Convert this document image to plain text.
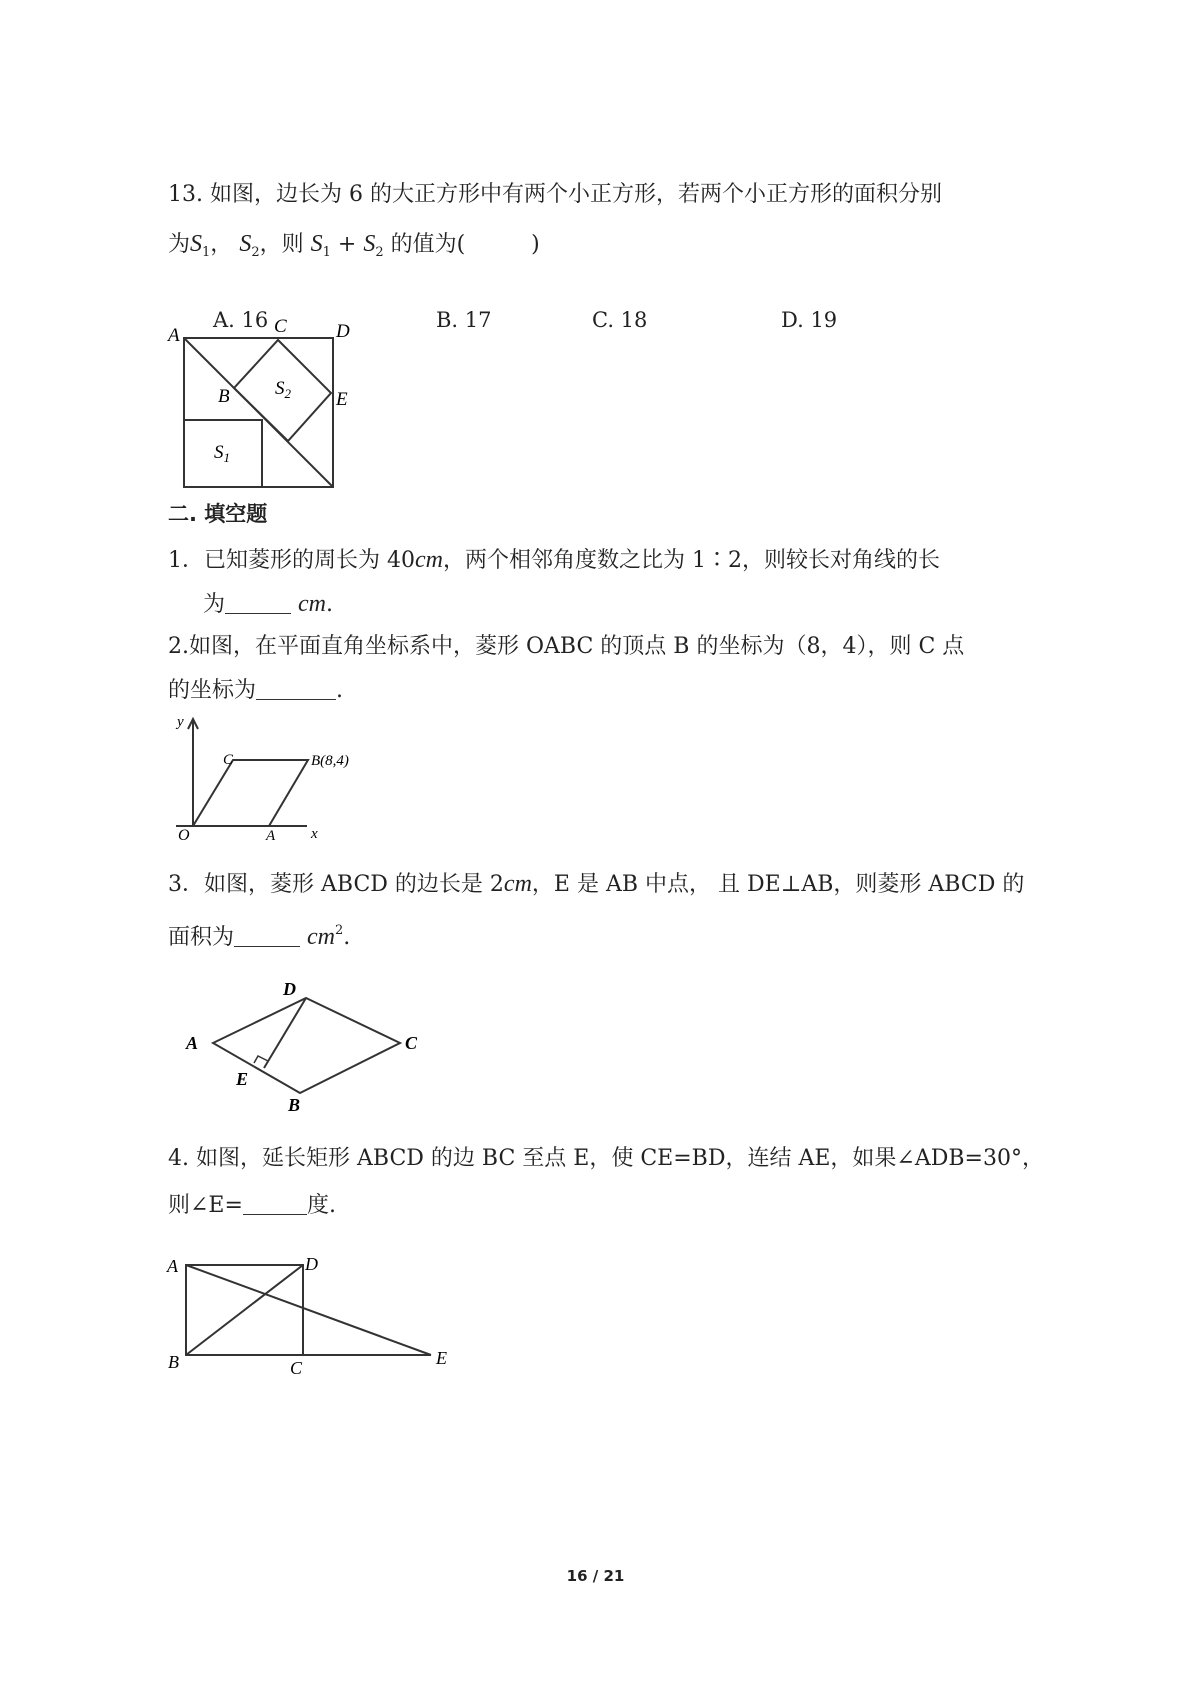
13. 如图，边长为 6 的大正方形中有两个小正方形，若两个小正方形的面积分别
为$S_1$， $S_2$，则 $S_1 + S_2$ 的值为(　　　)
A. 16	B. 17	C. 18	D. 19
A	C	D
B	E
$S_2$
$S_1$
二. 填空题
1．已知菱形的周长为 40cm，两个相邻角度数之比为 1∶2，则较长对角线的长
为	cm.
2.如图，在平面直角坐标系中，菱形 OABC 的顶点 B 的坐标为（8，4），则 C 点
的坐标为	.
y
x
O	A
C	B(8,4)
3．如图，菱形 ABCD 的边长是 2cm，E 是 AB 中点， 且 DE⊥AB，则菱形 ABCD 的
面积为	$cm^2$.
D
A	C
E
B
4. 如图，延长矩形 ABCD 的边 BC 至点 E，使 CE=BD，连结 AE，如果∠ADB=30°，
则∠E=	度.
A	D
B	C	E
16 / 21
